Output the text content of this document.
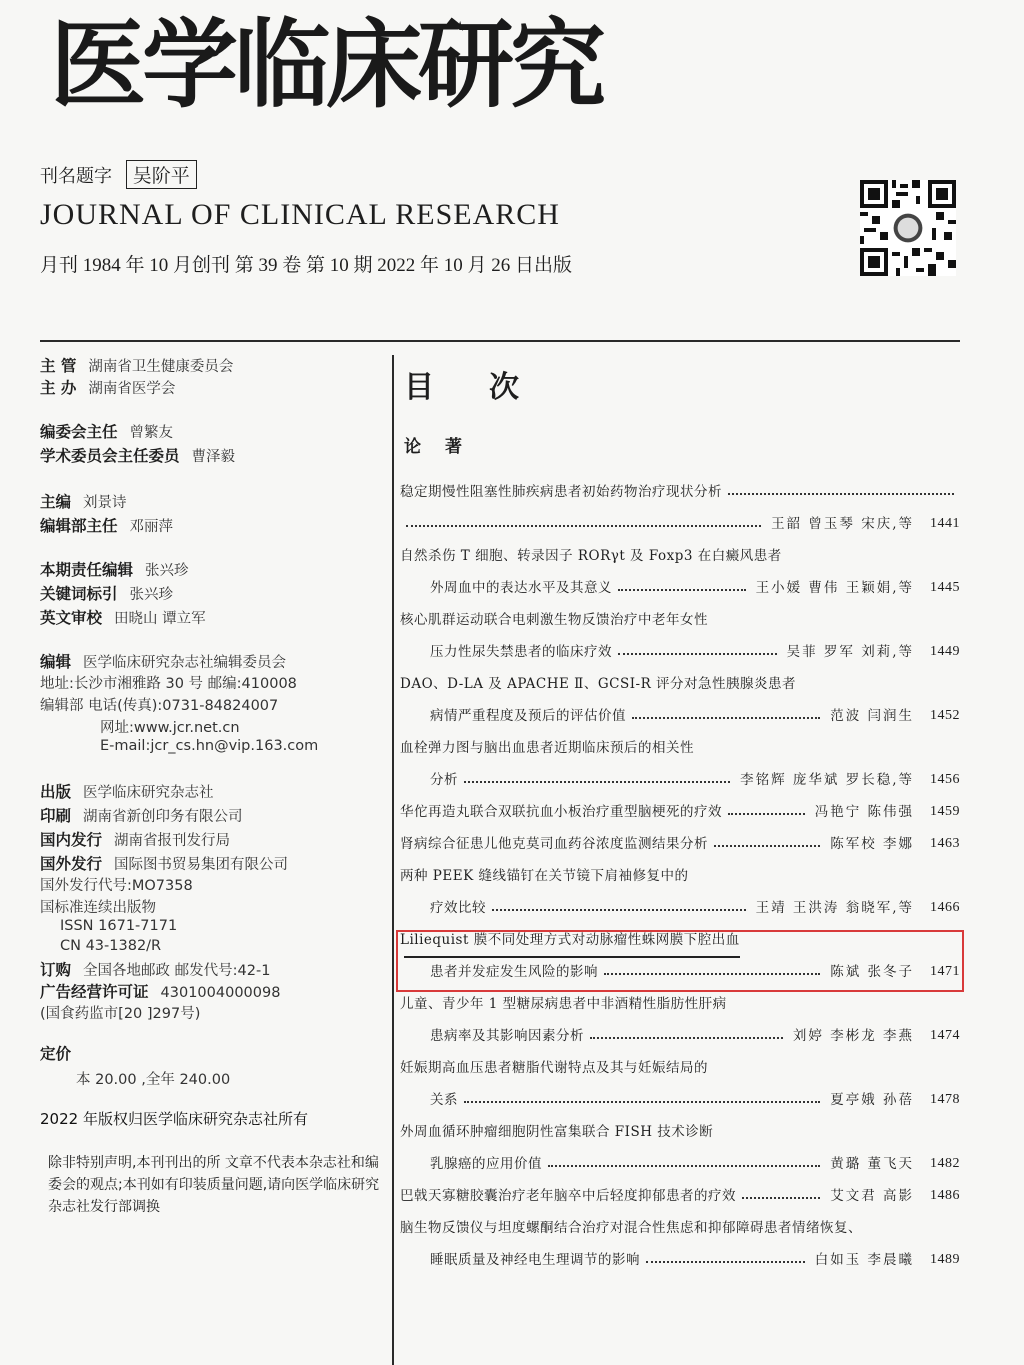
医学临床研究
刊名题字 吴阶平
JOURNAL OF CLINICAL RESEARCH
月刊 1984 年 10 月创刊 第 39 卷 第 10 期 2022 年 10 月 26 日出版
主 管 湖南省卫生健康委员会
主 办 湖南省医学会
编委会主任 曾繁友
学术委员会主任委员 曹泽毅
主编 刘景诗
编辑部主任 邓丽萍
本期责任编辑 张兴珍
关键词标引 张兴珍
英文审校 田晓山 谭立军
编辑 医学临床研究杂志社编辑委员会
地址:长沙市湘雅路 30 号 邮编:410008
编辑部 电话(传真):0731-84824007
网址:www.jcr.net.cn
E-mail:jcr_cs.hn@vip.163.com
出版 医学临床研究杂志社
印刷 湖南省新创印务有限公司
国内发行 湖南省报刊发行局
国外发行 国际图书贸易集团有限公司
国外发行代号:MO7358
国标准连续出版物
ISSN 1671-7171
CN 43-1382/R
订购 全国各地邮政 邮发代号:42-1
广告经营许可证 4301004000098
(国食药监市[20 ]297号)
定价
本 20.00 ,全年 240.00
2022 年版权归医学临床研究杂志社所有
除非特别声明,本刊刊出的所 文章不代表本杂志社和编委会的观点;本刊如有印装质量问题,请向医学临床研究杂志社发行部调换
目次
论著
稳定期慢性阻塞性肺疾病患者初始药物治疗现状分析
王韶 曾玉琴 宋庆,等 1441
自然杀伤 T 细胞、转录因子 RORγt 及 Foxp3 在白癜风患者
外周血中的表达水平及其意义	王小媛 曹伟 王颖娟,等 1445
核心肌群运动联合电刺激生物反馈治疗中老年女性
压力性尿失禁患者的临床疗效	吴菲 罗军 刘莉,等 1449
DAO、D-LA 及 APACHE Ⅱ、GCSI-R 评分对急性胰腺炎患者
病情严重程度及预后的评估价值	范波 闫润生 1452
血栓弹力图与脑出血患者近期临床预后的相关性
分析	李铭辉 庞华斌 罗长稳,等 1456
华佗再造丸联合双联抗血小板治疗重型脑梗死的疗效	冯艳宁 陈伟强 1459
肾病综合征患儿他克莫司血药谷浓度监测结果分析	陈军校 李娜 1463
两种 PEEK 缝线锚钉在关节镜下肩袖修复中的
疗效比较	王靖 王洪涛 翁晓军,等 1466
Liliequist 膜不同处理方式对动脉瘤性蛛网膜下腔出血
患者并发症发生风险的影响	陈斌 张冬子 1471
儿童、青少年 1 型糖尿病患者中非酒精性脂肪性肝病
患病率及其影响因素分析	刘婷 李彬龙 李燕 1474
妊娠期高血压患者糖脂代谢特点及其与妊娠结局的
关系	夏亭娥 孙蓓 1478
外周血循环肿瘤细胞阴性富集联合 FISH 技术诊断
乳腺癌的应用价值	黄璐 董飞天 1482
巴戟天寡糖胶囊治疗老年脑卒中后轻度抑郁患者的疗效	艾文君 高影 1486
脑生物反馈仪与坦度螺酮结合治疗对混合性焦虑和抑郁障碍患者情绪恢复、
睡眠质量及神经电生理调节的影响	白如玉 李晨曦 1489
